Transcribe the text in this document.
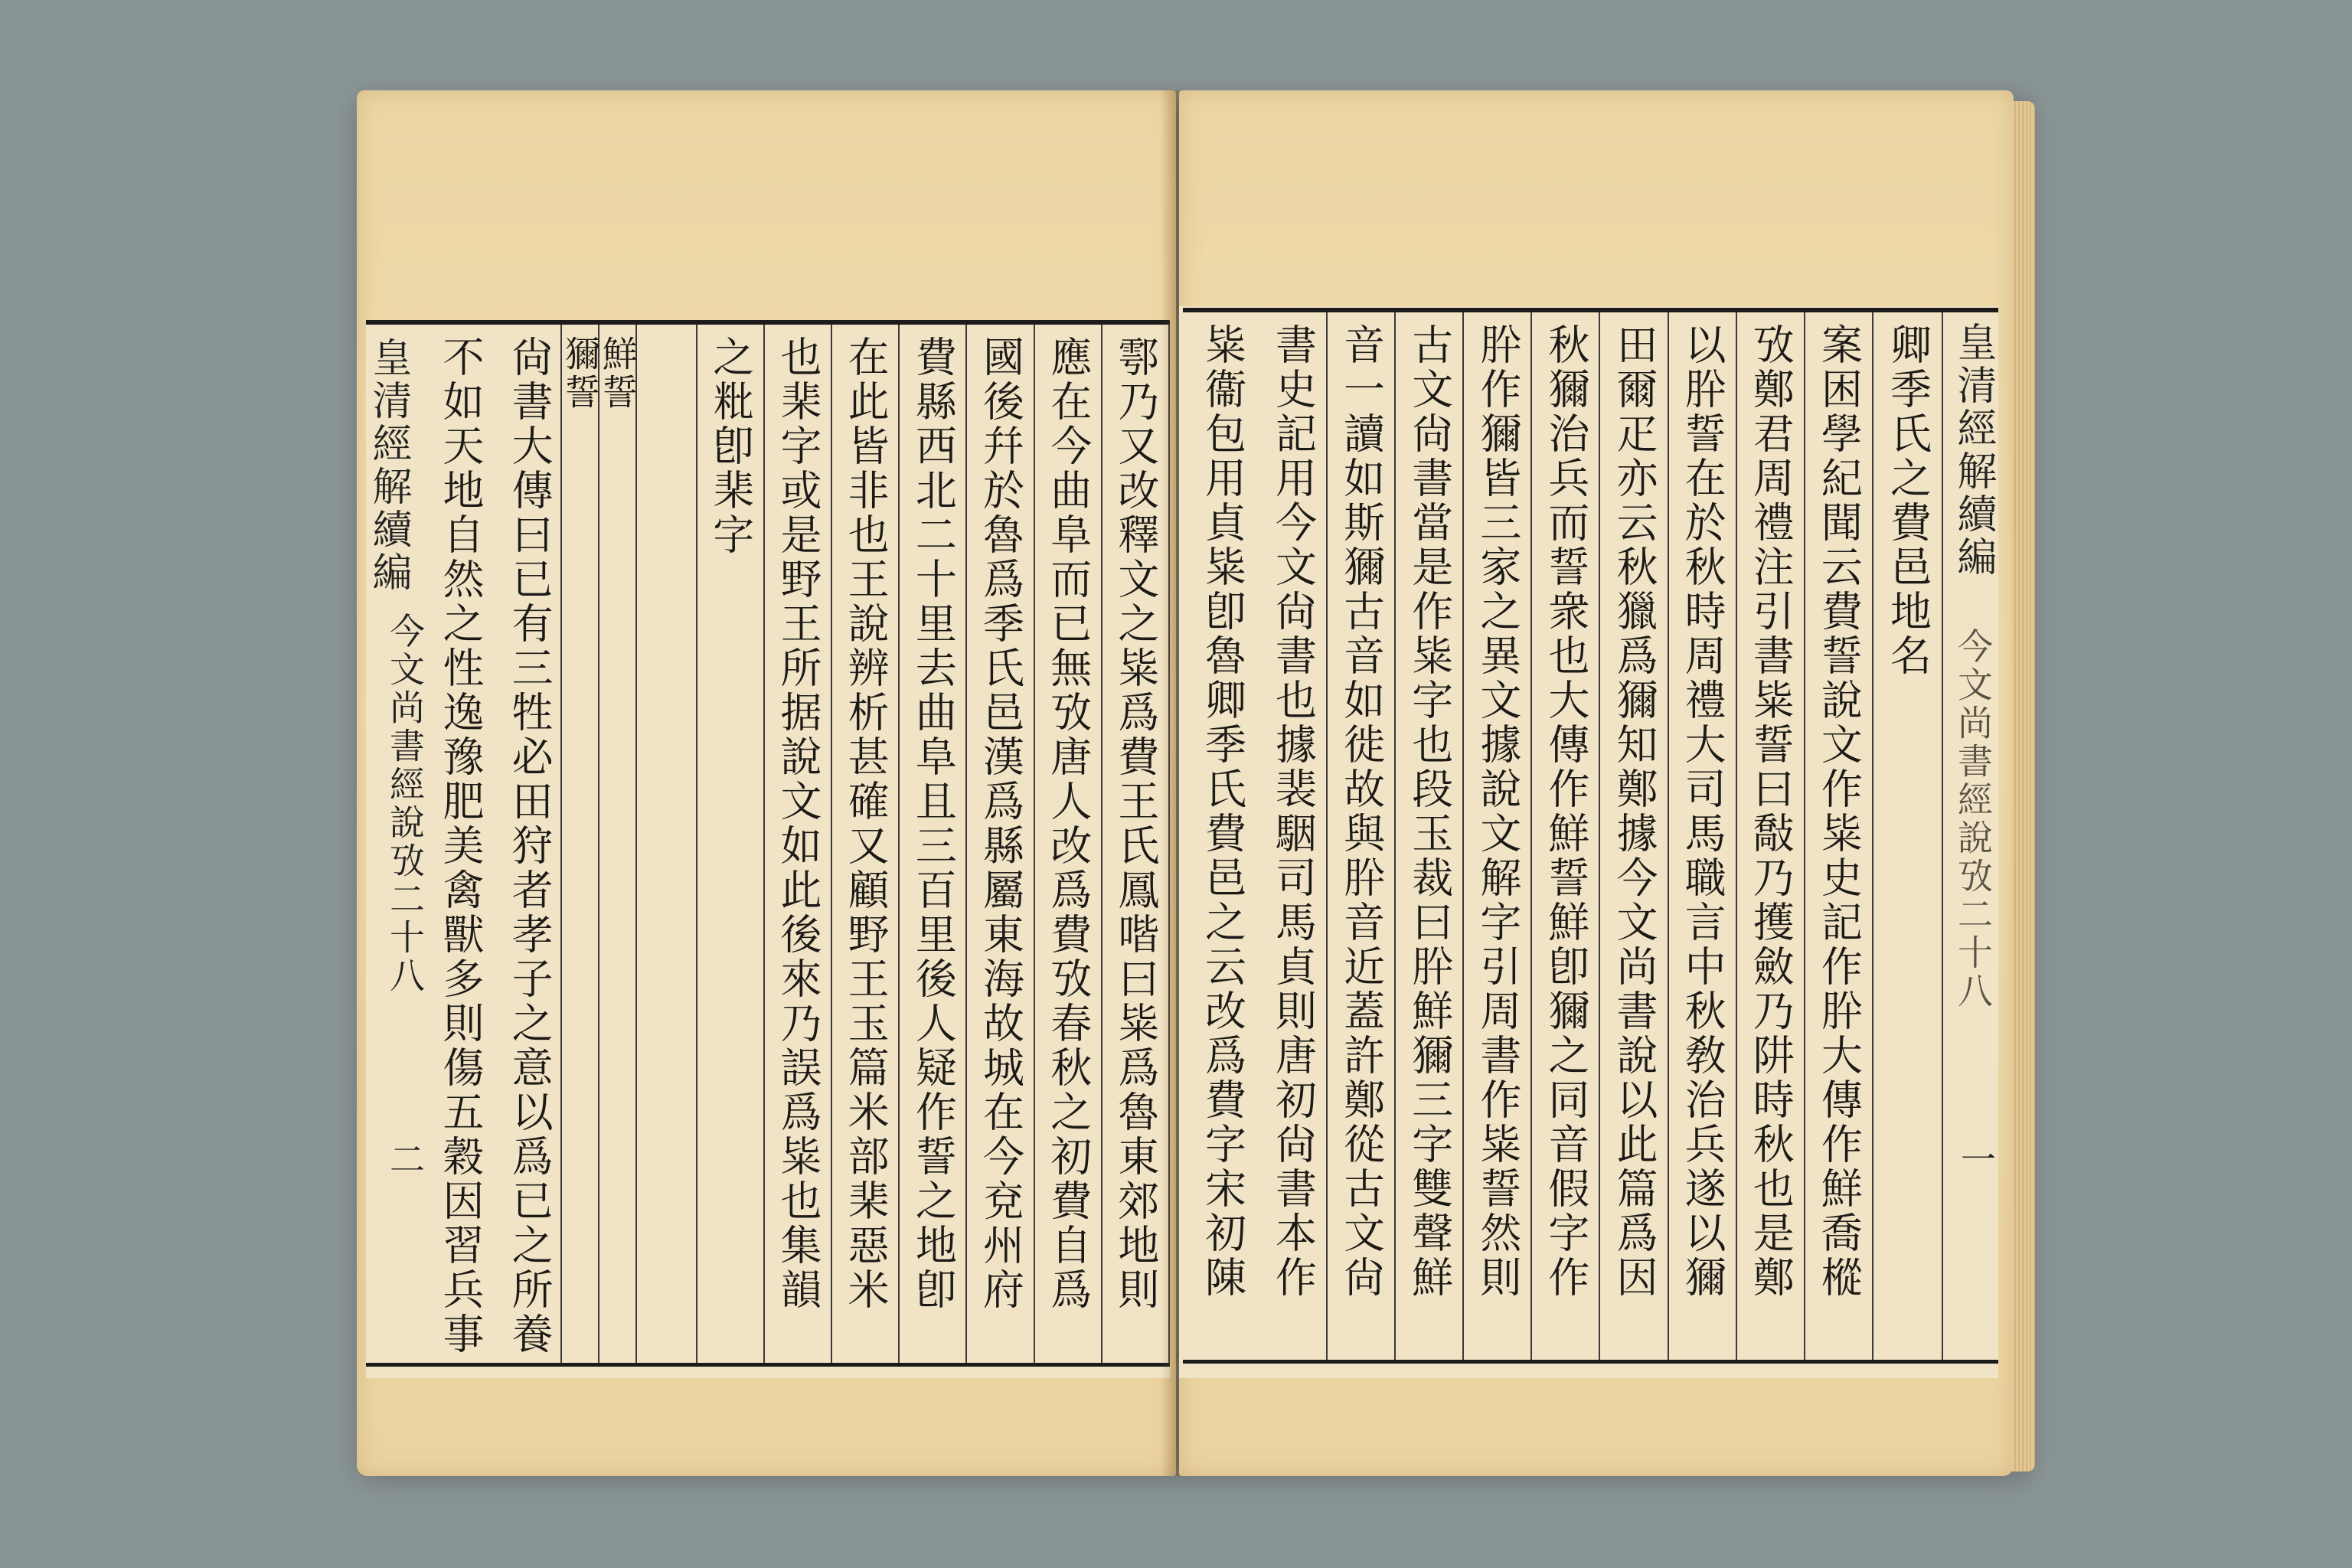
皇清經解續編
今文尚書經說攷二十八
二	鄠乃又改釋文之粊爲費王氏鳳喈曰粊爲魯東郊地則
應在今曲阜而已無攷唐人改爲費攷春秋之初費自爲
國後幷於魯爲季氏邑漢爲縣屬東海故城在今兗州府
費縣西北二十里去曲阜且三百里後人疑作誓之地卽
在此皆非也王說辨析甚確又顧野王玉篇米部棐惡米
也棐字或是野王所据說文如此後來乃誤爲粊也集韻
之粃卽棐字
鮮誓
獮誓
尙書大傳曰已有三牲必田狩者孝子之意以爲已之所養
不如天地自然之性逸豫肥美禽獸多則傷五穀因習兵事	皇清經解續編
今文尚書經說攷二十八
一
卿季氏之費邑地名
案困學紀聞云費誓說文作粊史記作肸大傳作鮮喬樅
攷鄭君周禮注引書粊誓曰敽乃擭斂乃阱時秋也是鄭
以肸誓在於秋時周禮大司馬職言中秋敎治兵遂以獮
田爾疋亦云秋獵爲獮知鄭據今文尚書說以此篇爲因
秋獮治兵而誓衆也大傳作鮮誓鮮卽獮之同音假字作
肸作獮皆三家之異文據說文解字引周書作粊誓然則
古文尙書當是作粊字也段玉裁曰肸鮮獮三字雙聲鮮
音一讀如斯獮古音如徙故與肸音近蓋許鄭從古文尙
書史記用今文尙書也據裴駰司馬貞則唐初尙書本作
粊衞包用貞粊卽魯卿季氏費邑之云改爲費字宋初陳
